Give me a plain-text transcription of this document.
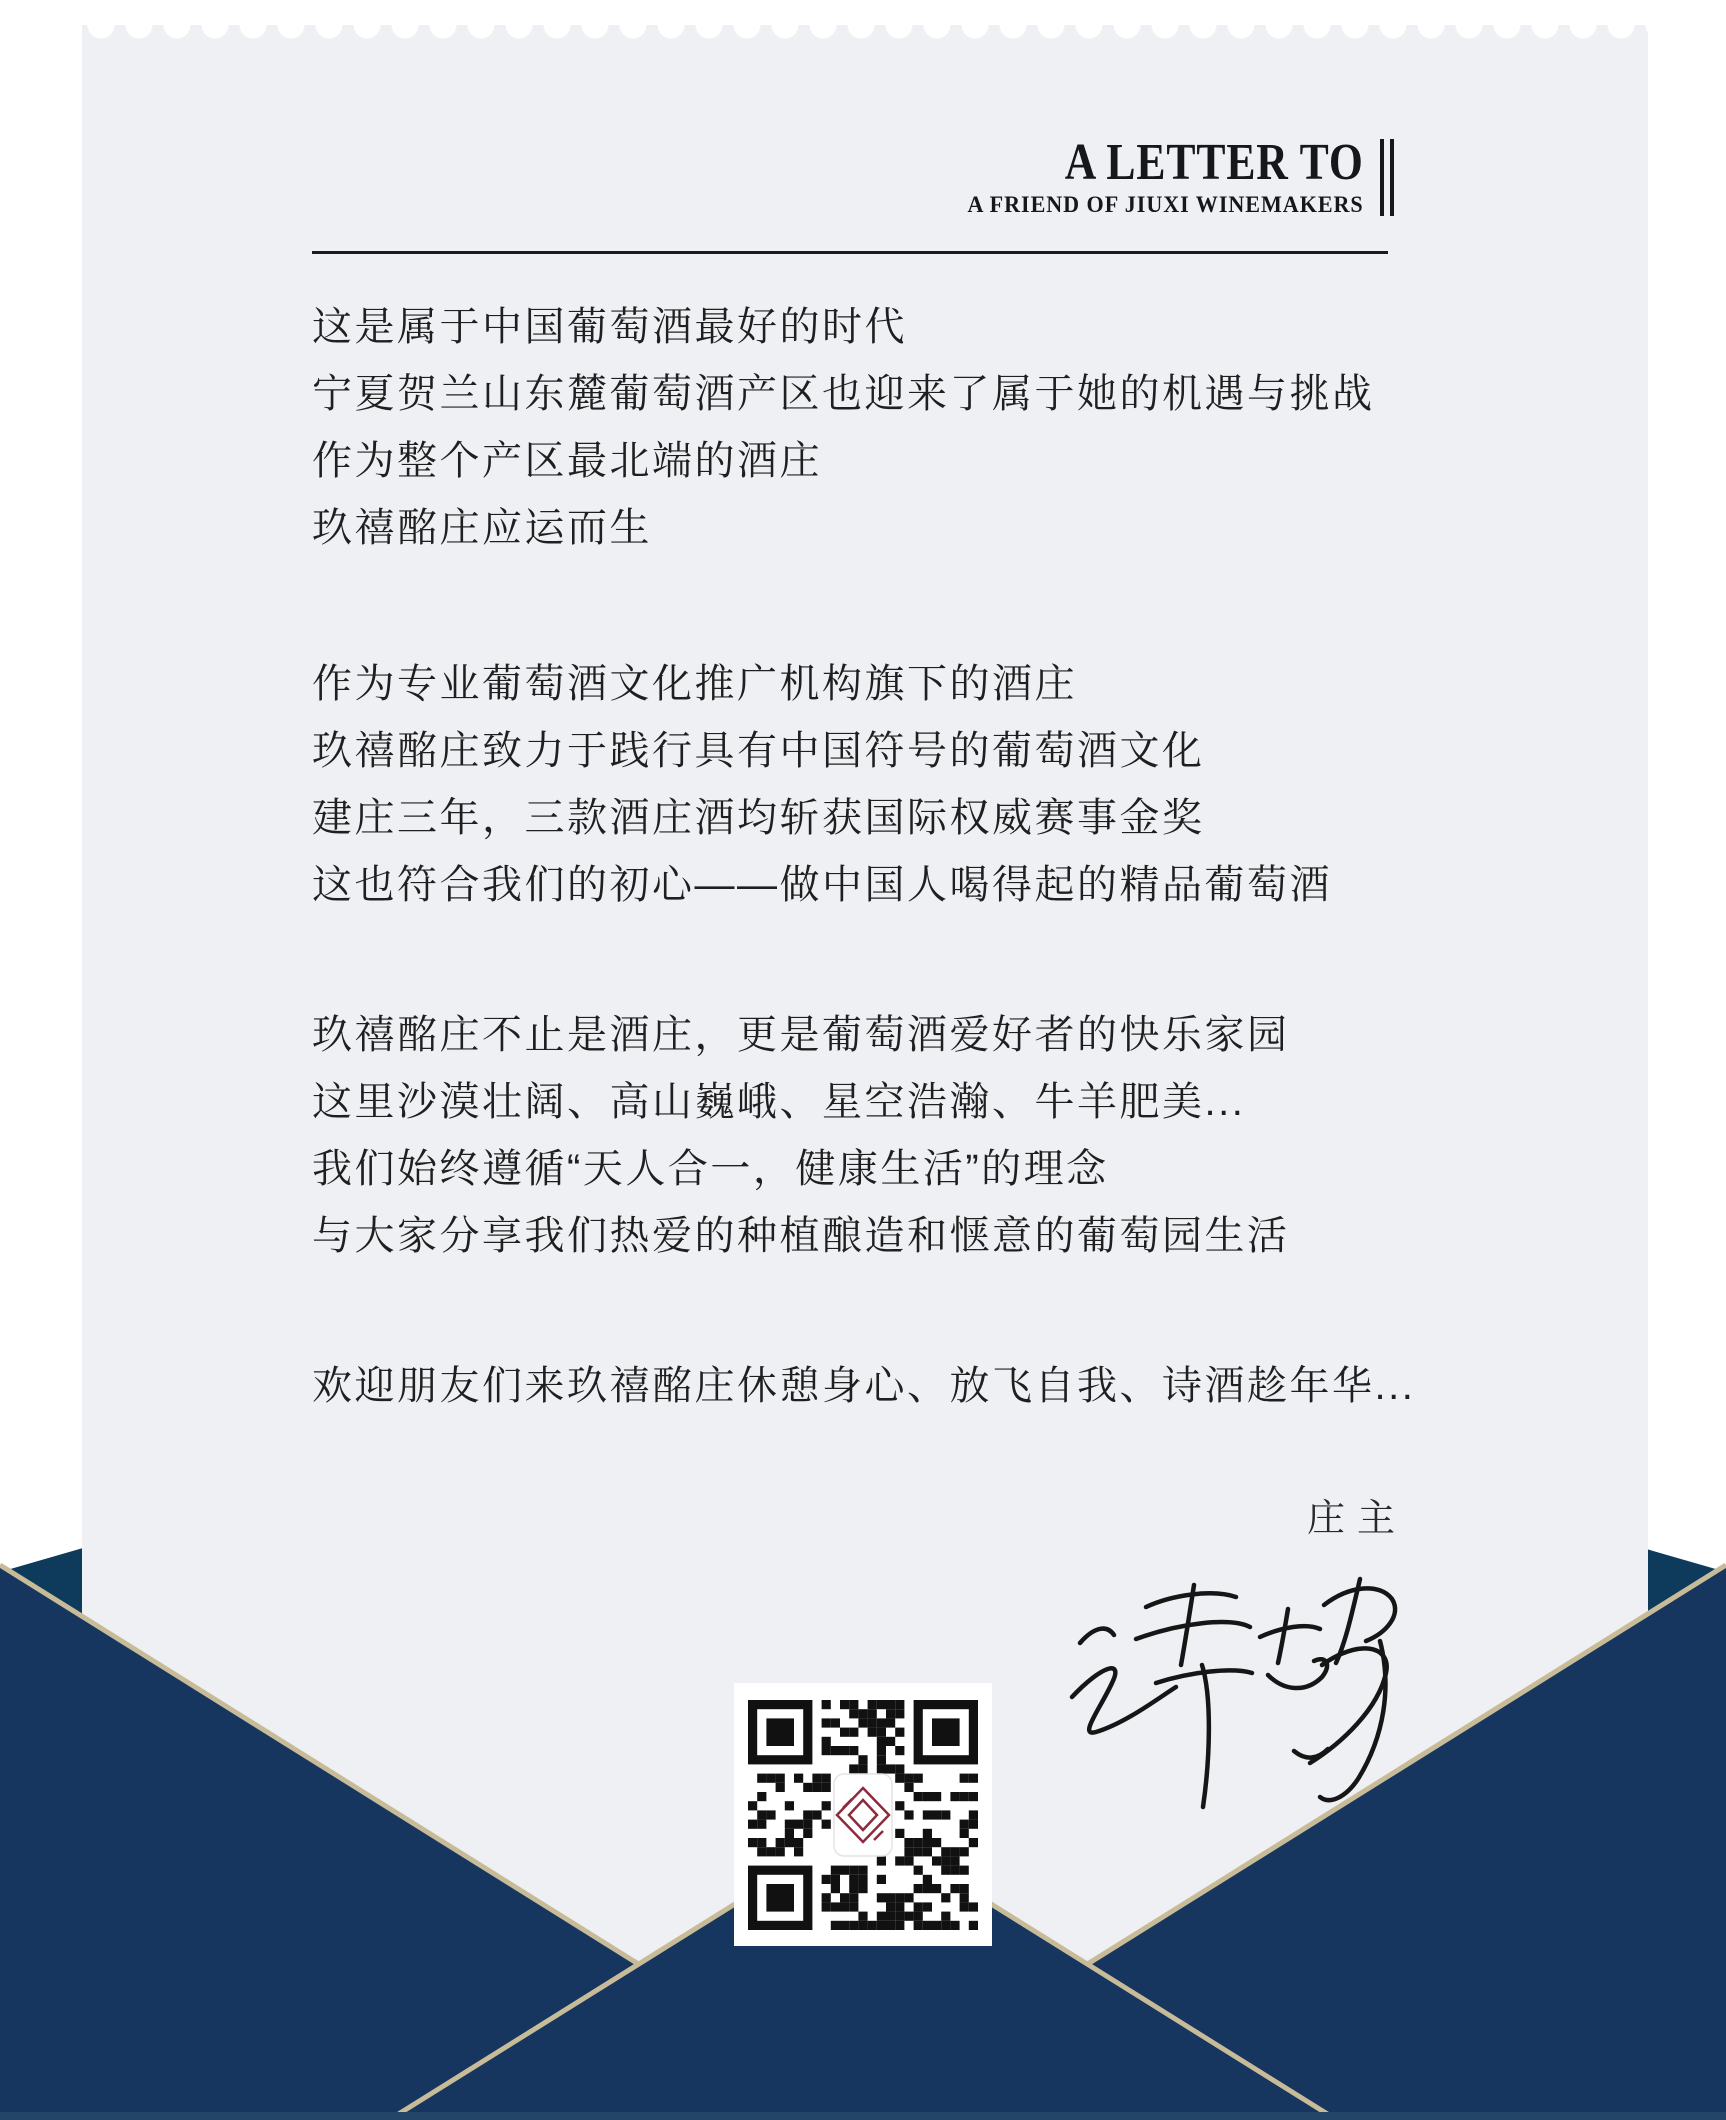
A LETTER TO
A FRIEND OF JIUXI WINEMAKERS
这是属于中国葡萄酒最好的时代
宁夏贺兰山东麓葡萄酒产区也迎来了属于她的机遇与挑战
作为整个产区最北端的酒庄
玖禧酩庄应运而生
作为专业葡萄酒文化推广机构旗下的酒庄
玖禧酩庄致力于践行具有中国符号的葡萄酒文化
建庄三年，三款酒庄酒均斩获国际权威赛事金奖
这也符合我们的初心——做中国人喝得起的精品葡萄酒
玖禧酩庄不止是酒庄，更是葡萄酒爱好者的快乐家园
这里沙漠壮阔、高山巍峨、星空浩瀚、牛羊肥美...
我们始终遵循“天人合一，健康生活”的理念
与大家分享我们热爱的种植酿造和惬意的葡萄园生活
欢迎朋友们来玖禧酩庄休憩身心、放飞自我、诗酒趁年华...
庄主
